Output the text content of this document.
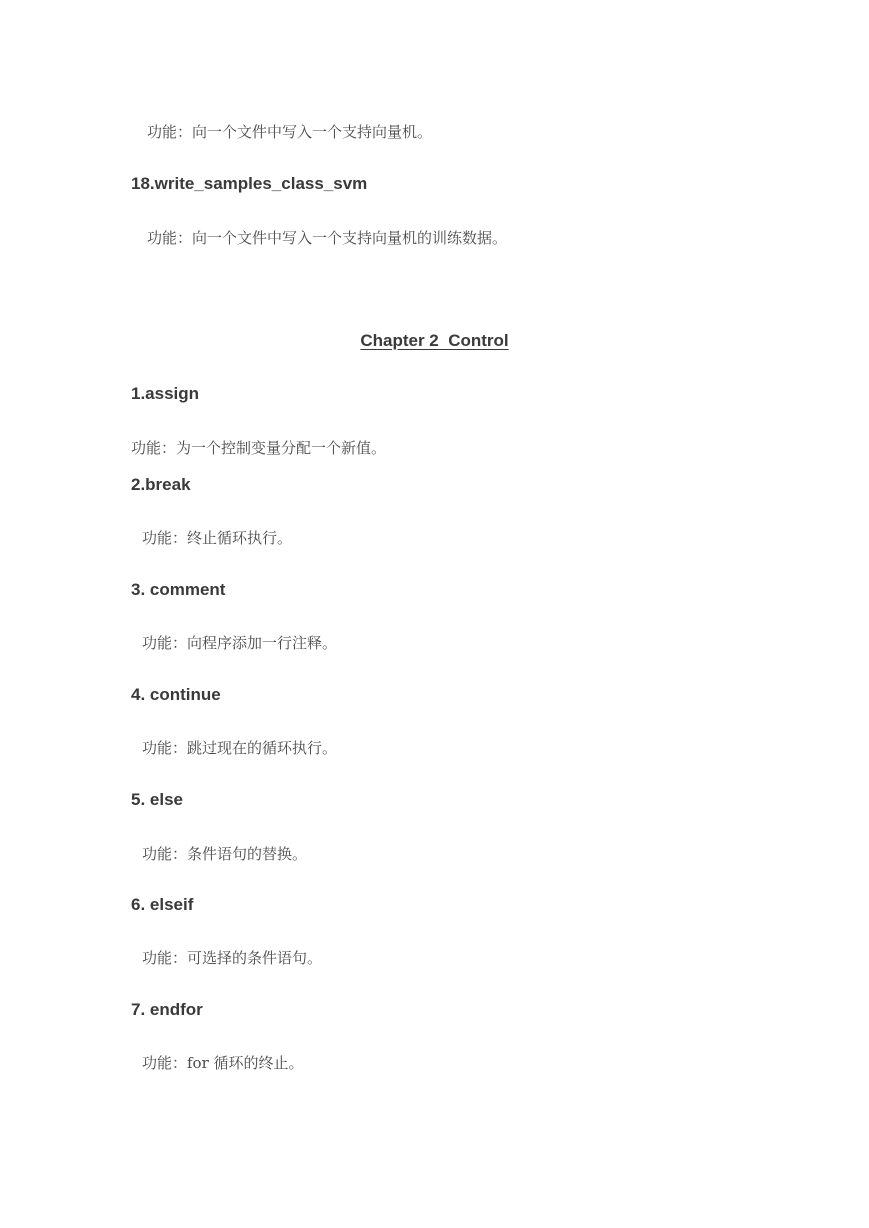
功能：向一个文件中写入一个支持向量机。
18.write_samples_class_svm
功能：向一个文件中写入一个支持向量机的训练数据。
Chapter 2  Control
1.assign
功能：为一个控制变量分配一个新值。
2.break
功能：终止循环执行。
3. comment
功能：向程序添加一行注释。
4. continue
功能：跳过现在的循环执行。
5. else
功能：条件语句的替换。
6. elseif
功能：可选择的条件语句。
7. endfor
功能：for 循环的终止。
